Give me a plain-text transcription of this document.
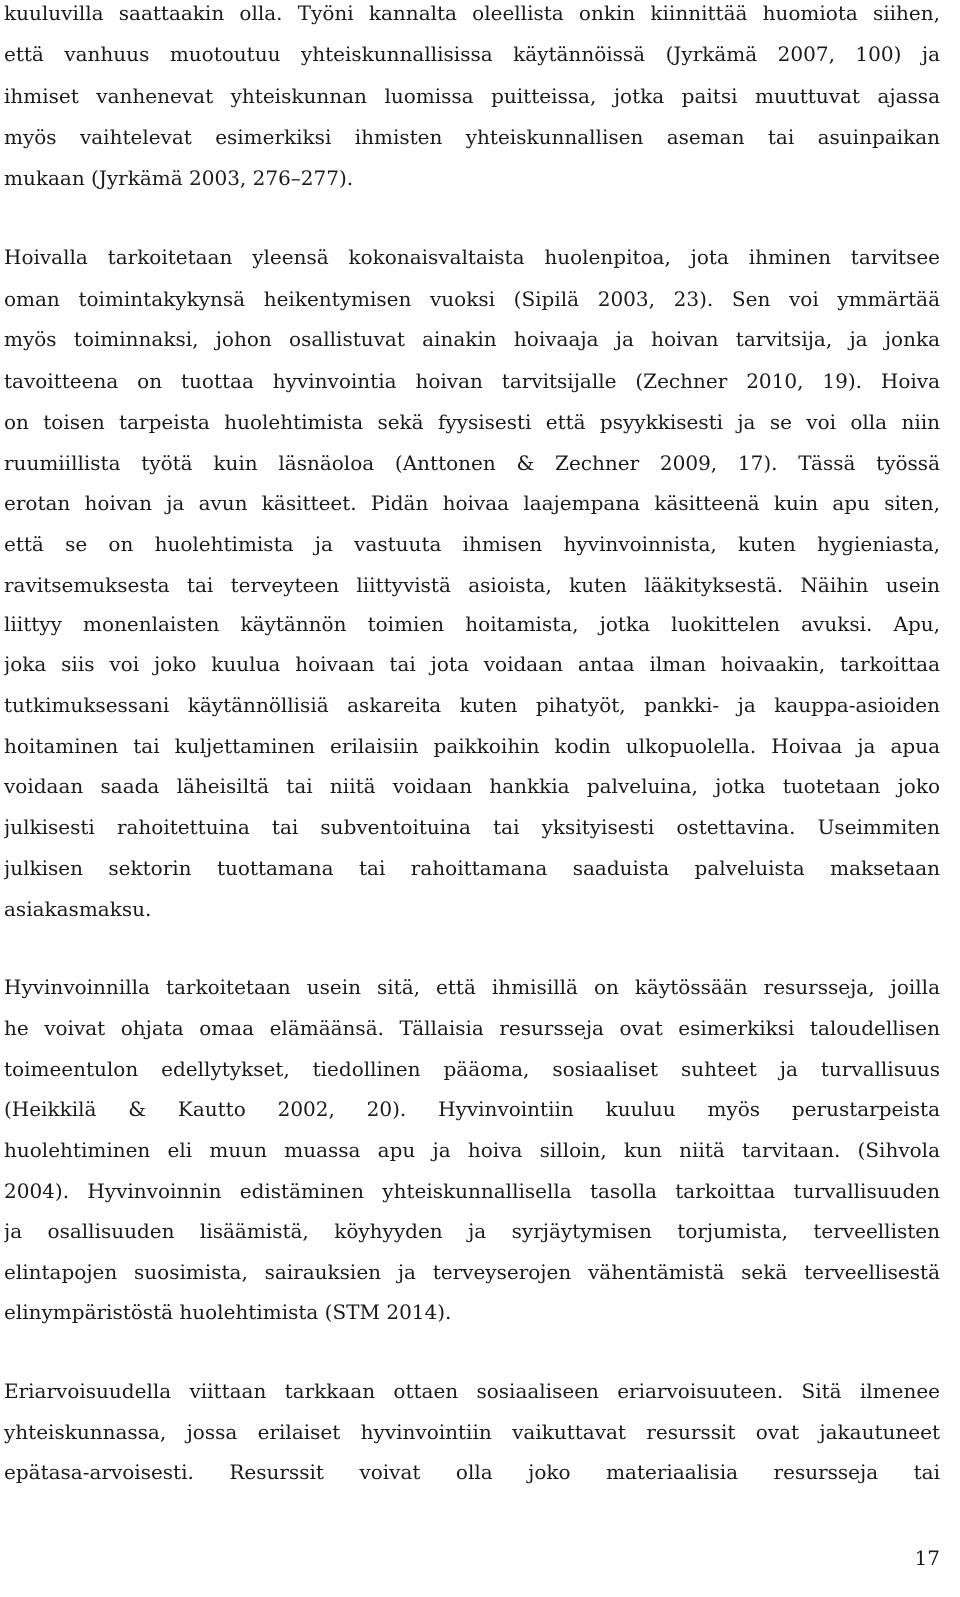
kuuluvilla saattaakin olla. Työni kannalta oleellista onkin kiinnittää huomiota siihen,
että vanhuus muotoutuu yhteiskunnallisissa käytännöissä (Jyrkämä 2007, 100) ja
ihmiset vanhenevat yhteiskunnan luomissa puitteissa, jotka paitsi muuttuvat ajassa
myös vaihtelevat esimerkiksi ihmisten yhteiskunnallisen aseman tai asuinpaikan
mukaan (Jyrkämä 2003, 276–277).
Hoivalla tarkoitetaan yleensä kokonaisvaltaista huolenpitoa, jota ihminen tarvitsee
oman toimintakykynsä heikentymisen vuoksi (Sipilä 2003, 23). Sen voi ymmärtää
myös toiminnaksi, johon osallistuvat ainakin hoivaaja ja hoivan tarvitsija, ja jonka
tavoitteena on tuottaa hyvinvointia hoivan tarvitsijalle (Zechner 2010, 19). Hoiva
on toisen tarpeista huolehtimista sekä fyysisesti että psyykkisesti ja se voi olla niin
ruumiillista työtä kuin läsnäoloa (Anttonen & Zechner 2009, 17). Tässä työssä
erotan hoivan ja avun käsitteet. Pidän hoivaa laajempana käsitteenä kuin apu siten,
että se on huolehtimista ja vastuuta ihmisen hyvinvoinnista, kuten hygieniasta,
ravitsemuksesta tai terveyteen liittyvistä asioista, kuten lääkityksestä. Näihin usein
liittyy monenlaisten käytännön toimien hoitamista, jotka luokittelen avuksi. Apu,
joka siis voi joko kuulua hoivaan tai jota voidaan antaa ilman hoivaakin, tarkoittaa
tutkimuksessani käytännöllisiä askareita kuten pihatyöt, pankki- ja kauppa-asioiden
hoitaminen tai kuljettaminen erilaisiin paikkoihin kodin ulkopuolella. Hoivaa ja apua
voidaan saada läheisiltä tai niitä voidaan hankkia palveluina, jotka tuotetaan joko
julkisesti rahoitettuina tai subventoituina tai yksityisesti ostettavina. Useimmiten
julkisen sektorin tuottamana tai rahoittamana saaduista palveluista maksetaan
asiakasmaksu.
Hyvinvoinnilla tarkoitetaan usein sitä, että ihmisillä on käytössään resursseja, joilla
he voivat ohjata omaa elämäänsä. Tällaisia resursseja ovat esimerkiksi taloudellisen
toimeentulon edellytykset, tiedollinen pääoma, sosiaaliset suhteet ja turvallisuus
(Heikkilä & Kautto 2002, 20). Hyvinvointiin kuuluu myös perustarpeista
huolehtiminen eli muun muassa apu ja hoiva silloin, kun niitä tarvitaan. (Sihvola
2004). Hyvinvoinnin edistäminen yhteiskunnallisella tasolla tarkoittaa turvallisuuden
ja osallisuuden lisäämistä, köyhyyden ja syrjäytymisen torjumista, terveellisten
elintapojen suosimista, sairauksien ja terveyserojen vähentämistä sekä terveellisestä
elinympäristöstä huolehtimista (STM 2014).
Eriarvoisuudella viittaan tarkkaan ottaen sosiaaliseen eriarvoisuuteen. Sitä ilmenee
yhteiskunnassa, jossa erilaiset hyvinvointiin vaikuttavat resurssit ovat jakautuneet
epätasa-arvoisesti. Resurssit voivat olla joko materiaalisia resursseja tai
17
